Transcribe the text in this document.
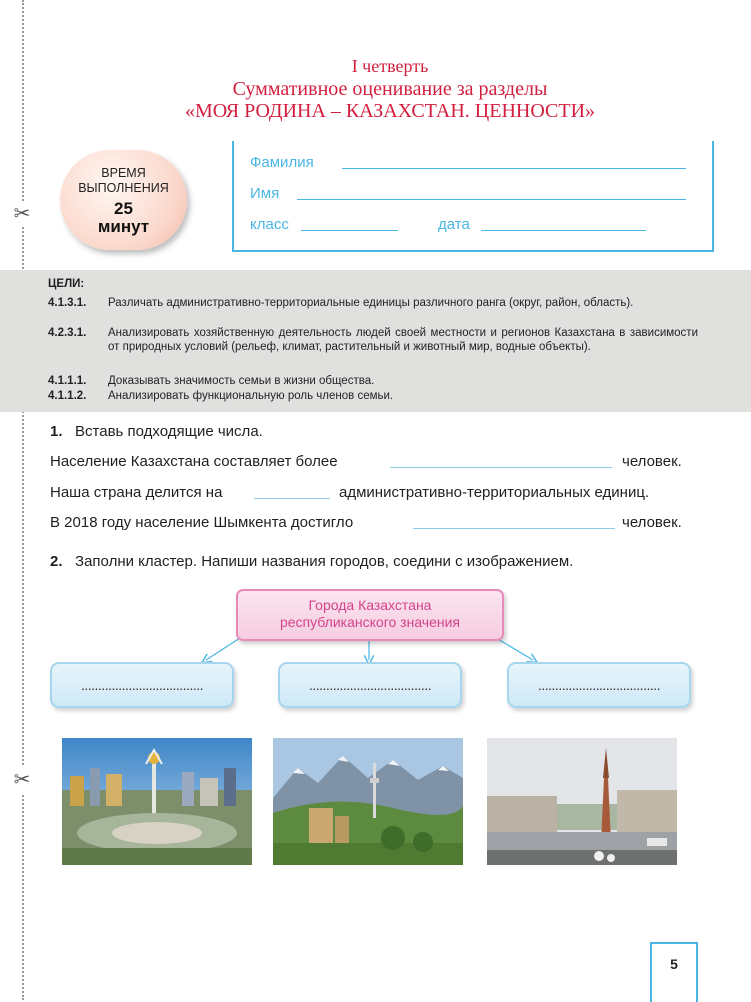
✂
✂
I четверть
Суммативное оценивание за разделы
«МОЯ РОДИНА – КАЗАХСТАН. ЦЕННОСТИ»
ВРЕМЯ
ВЫПОЛНЕНИЯ
25
минут
Фамилия
Имя
класс	дата
ЦЕЛИ:
4.1.3.1. Различать административно-территориальные единицы различного ранга (округ, район, область).
4.2.3.1. Анализировать хозяйственную деятельность людей своей местности и регионов Казахстана в зависимости от природных условий (рельеф, климат, растительный и животный мир, водные объекты).
4.1.1.1. Доказывать значимость семьи в жизни общества.
4.1.1.2. Анализировать функциональную роль членов семьи.
1. Вставь подходящие числа.
Население Казахстана составляет более	человек.
Наша страна делится на	административно-территориальных единиц.
В 2018 году население Шымкента достигло	человек.
2. Заполни кластер. Напиши названия городов, соедини с изображением.
Города Казахстана
республиканского значения
....................................	....................................	....................................
5
